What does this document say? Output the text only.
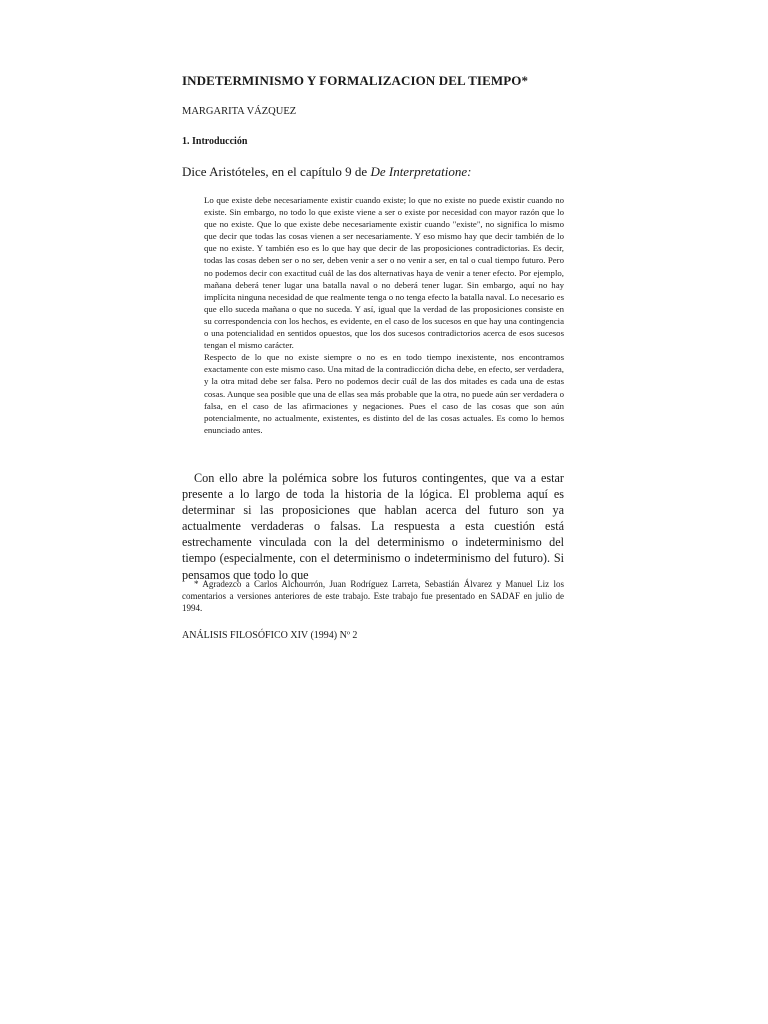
INDETERMINISMO Y FORMALIZACION DEL TIEMPO*
MARGARITA VÁZQUEZ
1. Introducción
Dice Aristóteles, en el capítulo 9 de De Interpretatione:

Lo que existe debe necesariamente existir cuando existe; lo que no existe no puede existir cuando no existe. Sin embargo, no todo lo que existe viene a ser o existe por necesidad con mayor razón que lo que no existe. Que lo que existe debe necesariamente existir cuando "existe", no significa lo mismo que decir que todas las cosas vienen a ser necesariamente. Y eso mismo hay que decir también de lo que no existe. Y también eso es lo que hay que decir de las proposiciones contradictorias. Es decir, todas las cosas deben ser o no ser, deben venir a ser o no venir a ser, en tal o cual tiempo futuro. Pero no podemos decir con exactitud cuál de las dos alternativas haya de venir a tener efecto. Por ejemplo, mañana deberá tener lugar una batalla naval o no deberá tener lugar. Sin embargo, aquí no hay implícita ninguna necesidad de que realmente tenga o no tenga efecto la batalla naval. Lo necesario es que ello suceda mañana o que no suceda. Y así, igual que la verdad de las proposiciones consiste en su correspondencia con los hechos, es evidente, en el caso de los sucesos en que hay una contingencia o una potencialidad en sentidos opuestos, que los dos sucesos contradictorios acerca de esos sucesos tengan el mismo carácter.

Respecto de lo que no existe siempre o no es en todo tiempo inexistente, nos encontramos exactamente con este mismo caso. Una mitad de la contradicción dicha debe, en efecto, ser verdadera, y la otra mitad debe ser falsa. Pero no podemos decir cuál de las dos mitades es cada una de estas cosas. Aunque sea posible que una de ellas sea más probable que la otra, no puede aún ser verdadera o falsa, en el caso de las afirmaciones y negaciones. Pues el caso de las cosas que son aún potencialmente, no actualmente, existentes, es distinto del de las cosas actuales. Es como lo hemos enunciado antes.

Con ello abre la polémica sobre los futuros contingentes, que va a estar presente a lo largo de toda la historia de la lógica. El problema aquí es determinar si las proposiciones que hablan acerca del futuro son ya actualmente verdaderas o falsas. La respuesta a esta cuestión está estrechamente vinculada con la del determinismo o indeterminismo del tiempo (especialmente, con el determinismo o indeterminismo del futuro). Si pensamos que todo lo que

* Agradezco a Carlos Alchourrón, Juan Rodríguez Larreta, Sebastián Álvarez y Manuel Liz los comentarios a versiones anteriores de este trabajo. Este trabajo fue presentado en SADAF en julio de 1994.

ANÁLISIS FILOSÓFICO XIV (1994) Nº 2
